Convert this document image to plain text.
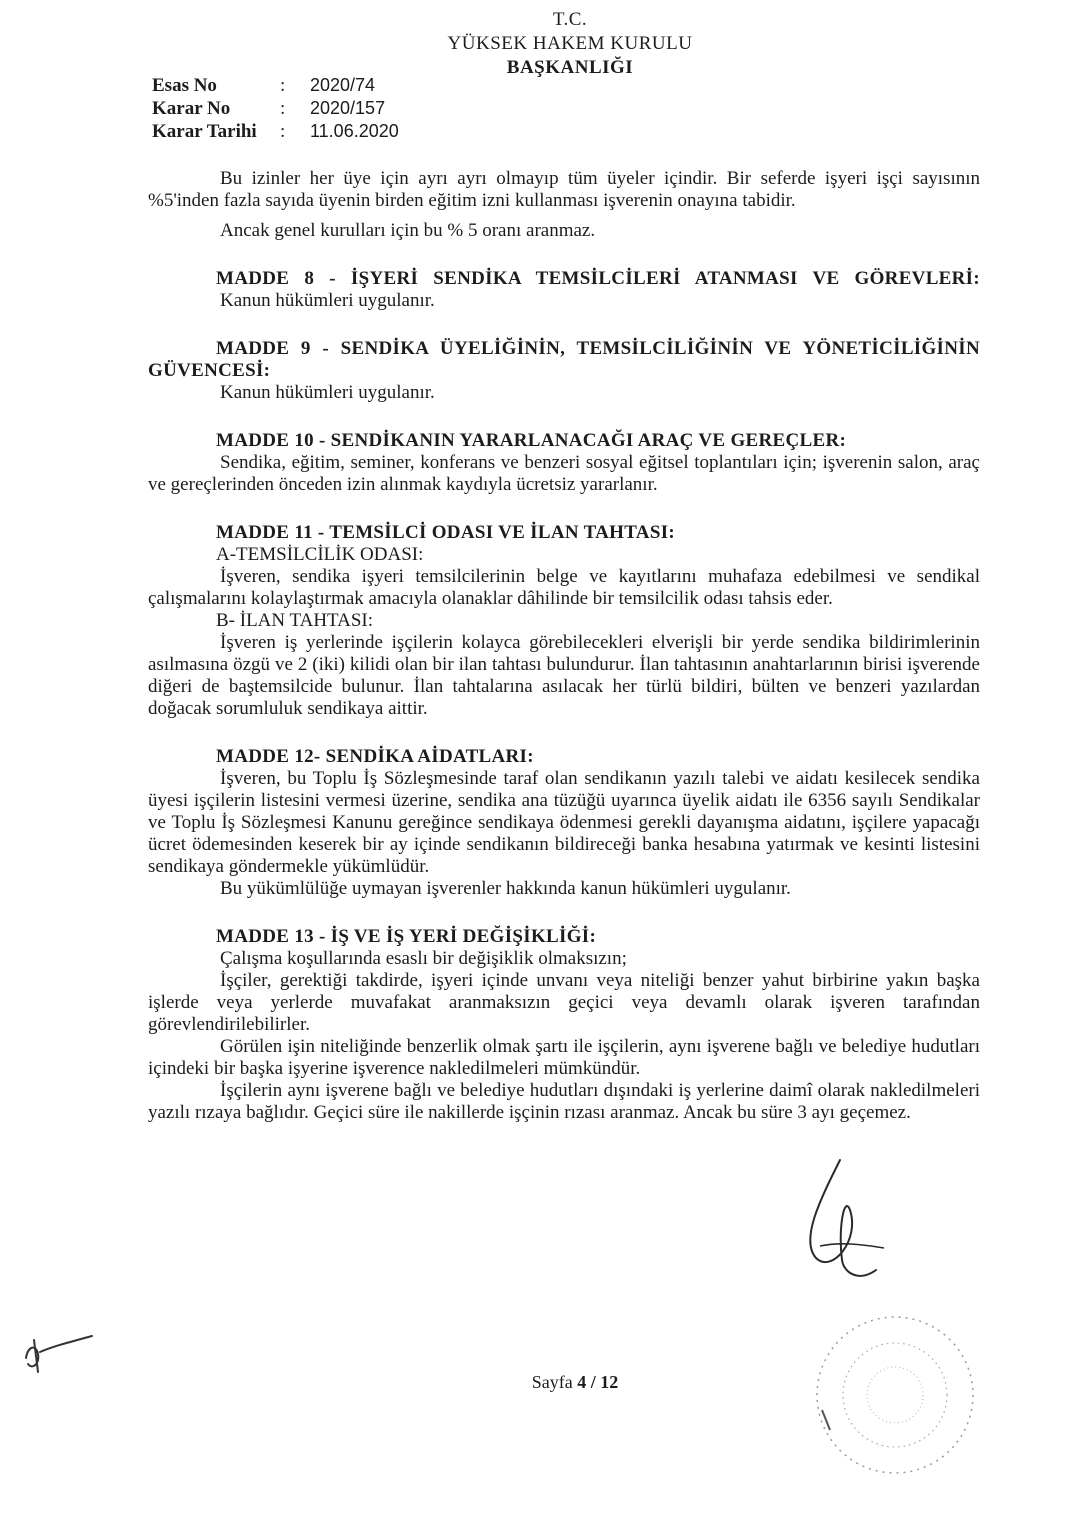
T.C.
YÜKSEK HAKEM KURULU
BAŞKANLIĞI
Esas No	:	2020/74
Karar No	:	2020/157
Karar Tarihi	:	11.06.2020

Bu izinler her üye için ayrı ayrı olmayıp tüm üyeler içindir. Bir seferde işyeri işçi sayısının %5'inden fazla sayıda üyenin birden eğitim izni kullanması işverenin onayına tabidir.

Ancak genel kurulları için bu % 5 oranı aranmaz.

MADDE 8 - İŞYERİ SENDİKA TEMSİLCİLERİ ATANMASI VE GÖREVLERİ:

Kanun hükümleri uygulanır.

MADDE 9 - SENDİKA ÜYELİĞİNİN, TEMSİLCİLİĞİNİN VE YÖNETİCİLİĞİNİN GÜVENCESİ:

Kanun hükümleri uygulanır.

MADDE 10 - SENDİKANIN YARARLANACAĞI ARAÇ VE GEREÇLER:

Sendika, eğitim, seminer, konferans ve benzeri sosyal eğitsel toplantıları için; işverenin salon, araç ve gereçlerinden önceden izin alınmak kaydıyla ücretsiz yararlanır.

MADDE 11 - TEMSİLCİ ODASI VE İLAN TAHTASI:

A-TEMSİLCİLİK ODASI:

İşveren, sendika işyeri temsilcilerinin belge ve kayıtlarını muhafaza edebilmesi ve sendikal çalışmalarını kolaylaştırmak amacıyla olanaklar dâhilinde bir temsilcilik odası tahsis eder.

B- İLAN TAHTASI:

İşveren iş yerlerinde işçilerin kolayca görebilecekleri elverişli bir yerde sendika bildirimlerinin asılmasına özgü ve 2 (iki) kilidi olan bir ilan tahtası bulundurur. İlan tahtasının anahtarlarının birisi işverende diğeri de baştemsilcide bulunur. İlan tahtalarına asılacak her türlü bildiri, bülten ve benzeri yazılardan doğacak sorumluluk sendikaya aittir.

MADDE 12- SENDİKA AİDATLARI:

İşveren, bu Toplu İş Sözleşmesinde taraf olan sendikanın yazılı talebi ve aidatı kesilecek sendika üyesi işçilerin listesini vermesi üzerine, sendika ana tüzüğü uyarınca üyelik aidatı ile 6356 sayılı Sendikalar ve Toplu İş Sözleşmesi Kanunu gereğince sendikaya ödenmesi gerekli dayanışma aidatını, işçilere yapacağı ücret ödemesinden keserek bir ay içinde sendikanın bildireceği banka hesabına yatırmak ve kesinti listesini sendikaya göndermekle yükümlüdür.

Bu yükümlülüğe uymayan işverenler hakkında kanun hükümleri uygulanır.

MADDE 13 - İŞ VE İŞ YERİ DEĞİŞİKLİĞİ:

Çalışma koşullarında esaslı bir değişiklik olmaksızın;

İşçiler, gerektiği takdirde, işyeri içinde unvanı veya niteliği benzer yahut birbirine yakın başka işlerde veya yerlerde muvafakat aranmaksızın geçici veya devamlı olarak işveren tarafından görevlendirilebilirler.

Görülen işin niteliğinde benzerlik olmak şartı ile işçilerin, aynı işverene bağlı ve belediye hudutları içindeki bir başka işyerine işverence nakledilmeleri mümkündür.

İşçilerin aynı işverene bağlı ve belediye hudutları dışındaki iş yerlerine daimî olarak nakledilmeleri yazılı rızaya bağlıdır. Geçici süre ile nakillerde işçinin rızası aranmaz. Ancak bu süre 3 ayı geçemez.

Sayfa 4 / 12
